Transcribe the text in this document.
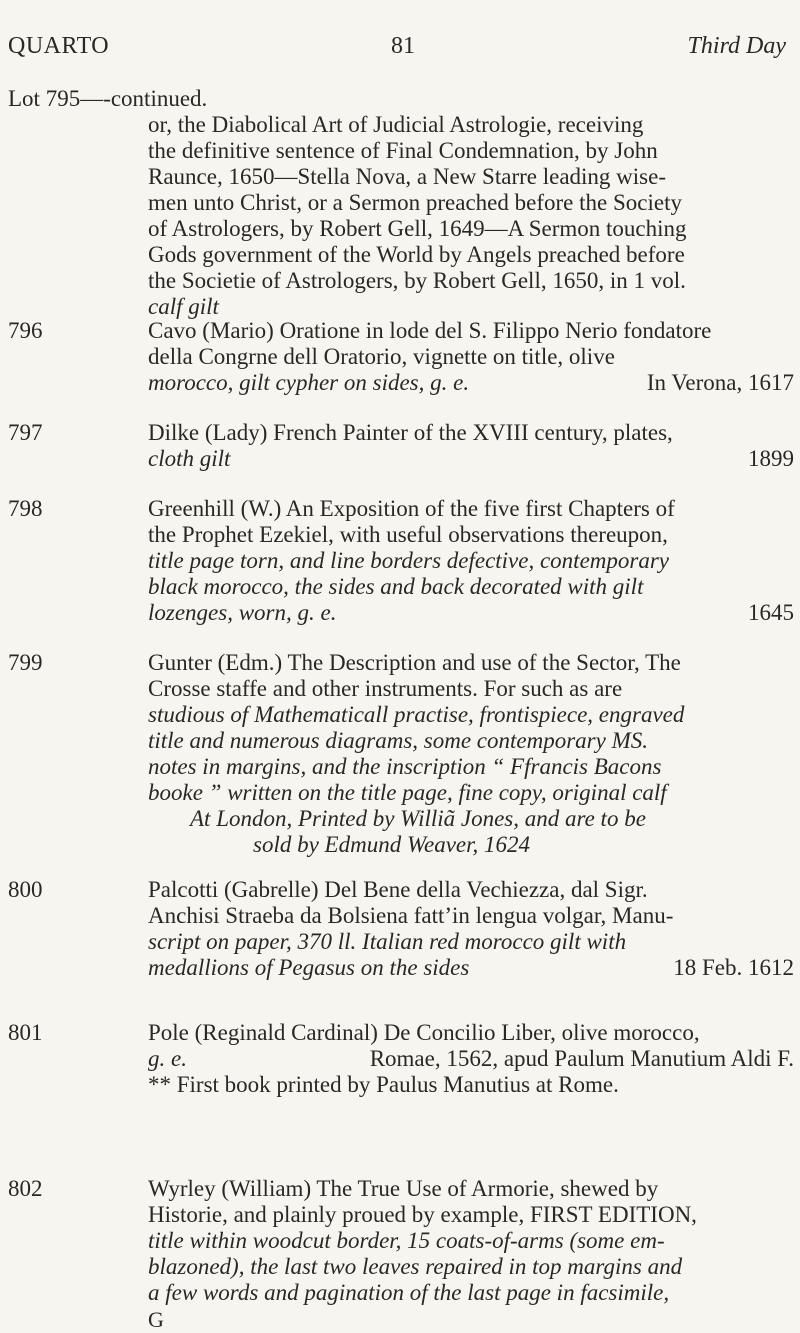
QUARTO	81	Third Day

Lot 795—-continued.

or, the Diabolical Art of Judicial Astrologie, receiving

the definitive sentence of Final Condemnation, by John

Raunce, 1650—Stella Nova, a New Starre leading wise-

men unto Christ, or a Sermon preached before the Society

of Astrologers, by Robert Gell, 1649—A Sermon touching

Gods government of the World by Angels preached before

the Societie of Astrologers, by Robert Gell, 1650, in 1 vol.

calf gilt

796	Cavo (Mario) Oratione in lode del S. Filippo Nerio fondatore

della Congrne dell Oratorio, vignette on title, olive

morocco, gilt cypher on sides, g. e.	In Verona, 1617

797	Dilke (Lady) French Painter of the XVIII century, plates,

cloth gilt	1899

798	Greenhill (W.) An Exposition of the five first Chapters of

the Prophet Ezekiel, with useful observations thereupon,

title page torn, and line borders defective, contemporary

black morocco, the sides and back decorated with gilt

lozenges, worn, g. e.	1645

799	Gunter (Edm.) The Description and use of the Sector, The

Crosse staffe and other instruments. For such as are

studious of Mathematicall practise, frontispiece, engraved

title and numerous diagrams, some contemporary MS.

notes in margins, and the inscription “ Ffrancis Bacons

booke ” written on the title page, fine copy, original calf

At London, Printed by Williã Jones, and are to be

sold by Edmund Weaver, 1624

800	Palcotti (Gabrelle) Del Bene della Vechiezza, dal Sigr.

Anchisi Straeba da Bolsiena fatt’in lengua volgar, Manu-

script on paper, 370 ll. Italian red morocco gilt with

medallions of Pegasus on the sides	18 Feb. 1612

801	Pole (Reginald Cardinal) De Concilio Liber, olive morocco,

g. e.	Romae, 1562, apud Paulum Manutium Aldi F.

** First book printed by Paulus Manutius at Rome.

802	Wyrley (William) The True Use of Armorie, shewed by

Historie, and plainly proued by example, FIRST EDITION,

title within woodcut border, 15 coats-of-arms (some em-

blazoned), the last two leaves repaired in top margins and

a few words and pagination of the last page in facsimile,

G
